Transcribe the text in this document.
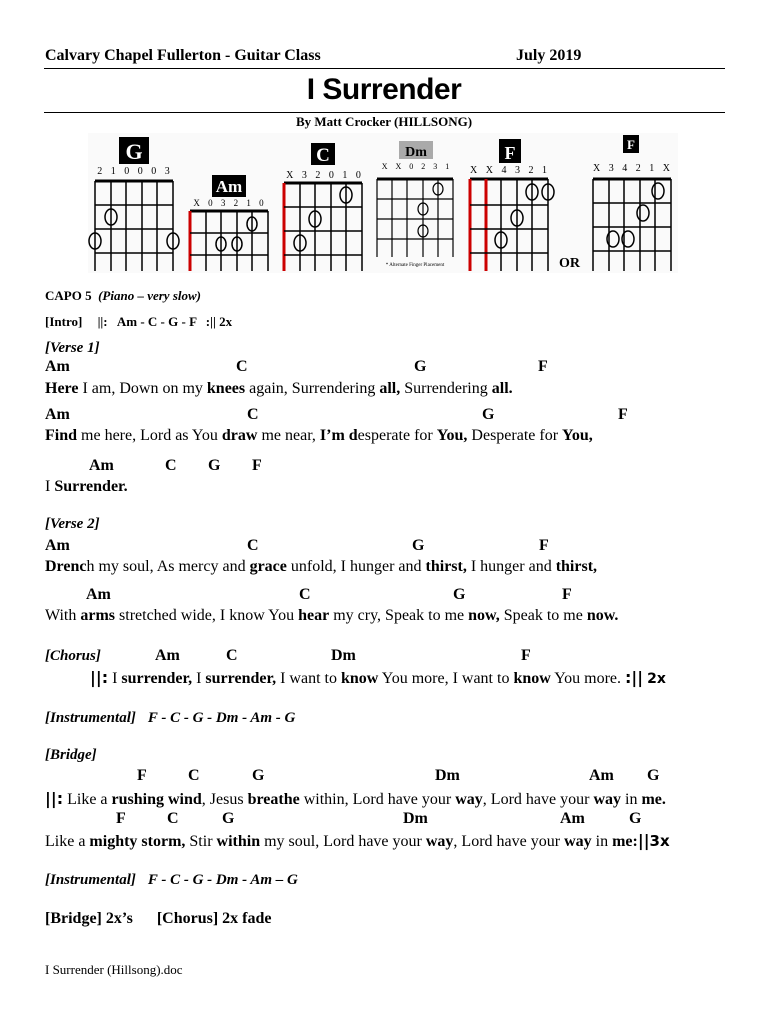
Calvary Chapel Fullerton - Guitar Class	July 2019
I Surrender
By Matt Crocker (HILLSONG)
G
2 1 0 0 0 3
Am
X 0 3 2 1 0
C
X 3 2 0 1 0
Dm
X X 0 2 3 1
* Alternate Finger Placement
F
X X 4 3 2 1
F
X 3 4 2 1 X
OR
CAPO 5 (Piano – very slow)
[Intro] ||: Am - C - G - F :|| 2x
[Verse 1]
Am	C	G	F
Here I am, Down on my knees again, Surrendering all, Surrendering all.
Am	C	G	F
Find me here, Lord as You draw me near, I’m desperate for You, Desperate for You,
Am	C G F
I Surrender.
[Verse 2]
Am	C	G	F
Drench my soul, As mercy and grace unfold, I hunger and thirst, I hunger and thirst,
Am	C	G	F
With arms stretched wide, I know You hear my cry, Speak to me now, Speak to me now.
[Chorus]	Am	C	Dm	F
||: I surrender, I surrender, I want to know You more, I want to know You more. :|| 2x
[Instrumental] F - C - G - Dm - Am - G
[Bridge]
F	C	G	Dm	Am G
||: Like a rushing wind, Jesus breathe within, Lord have your way, Lord have your way in me.
F	C	G	Dm	Am	G
Like a mighty storm, Stir within my soul, Lord have your way, Lord have your way in me:||3x
[Instrumental] F - C - G - Dm - Am – G
[Bridge] 2x’s [Chorus] 2x fade
I Surrender (Hillsong).doc
